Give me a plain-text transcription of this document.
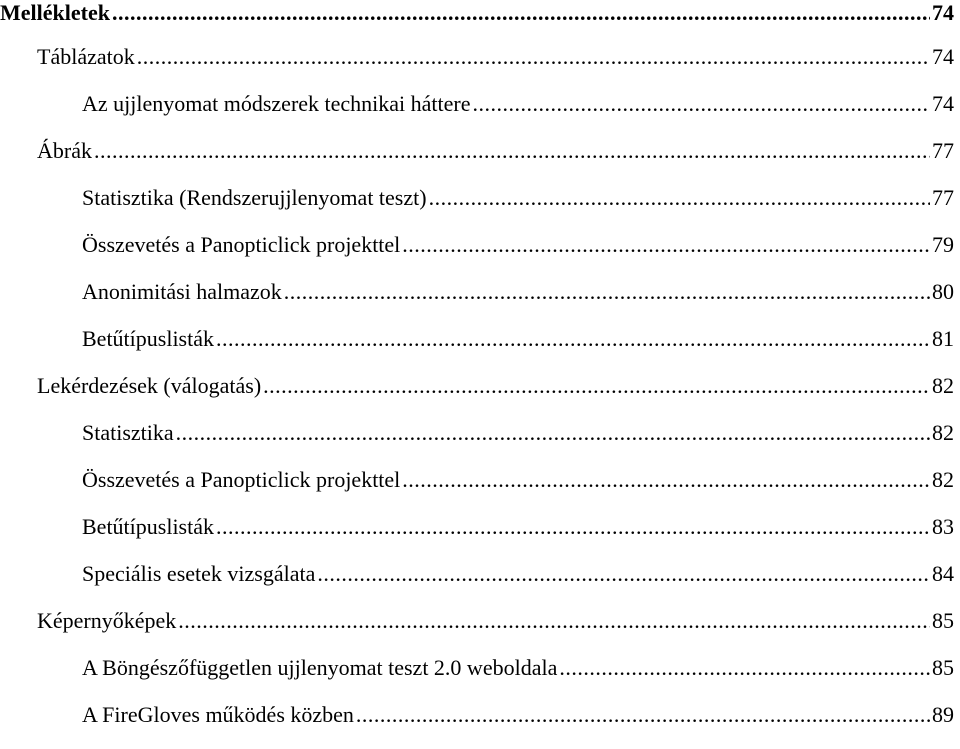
Mellékletek .....	74
Táblázatok .....	74
Az ujjlenyomat módszerek technikai háttere .....	74
Ábrák .....	77
Statisztika (Rendszerujjlenyomat teszt) .....	77
Összevetés a Panopticlick projekttel .....	79
Anonimitási halmazok .....	80
Betűtípuslisták .....	81
Lekérdezések (válogatás) .....	82
Statisztika .....	82
Összevetés a Panopticlick projekttel .....	82
Betűtípuslisták .....	83
Speciális esetek vizsgálata .....	84
Képernyőképek .....	85
A Böngészőfüggetlen ujjlenyomat teszt 2.0 weboldala .....	85
A FireGloves működés közben .....	89
